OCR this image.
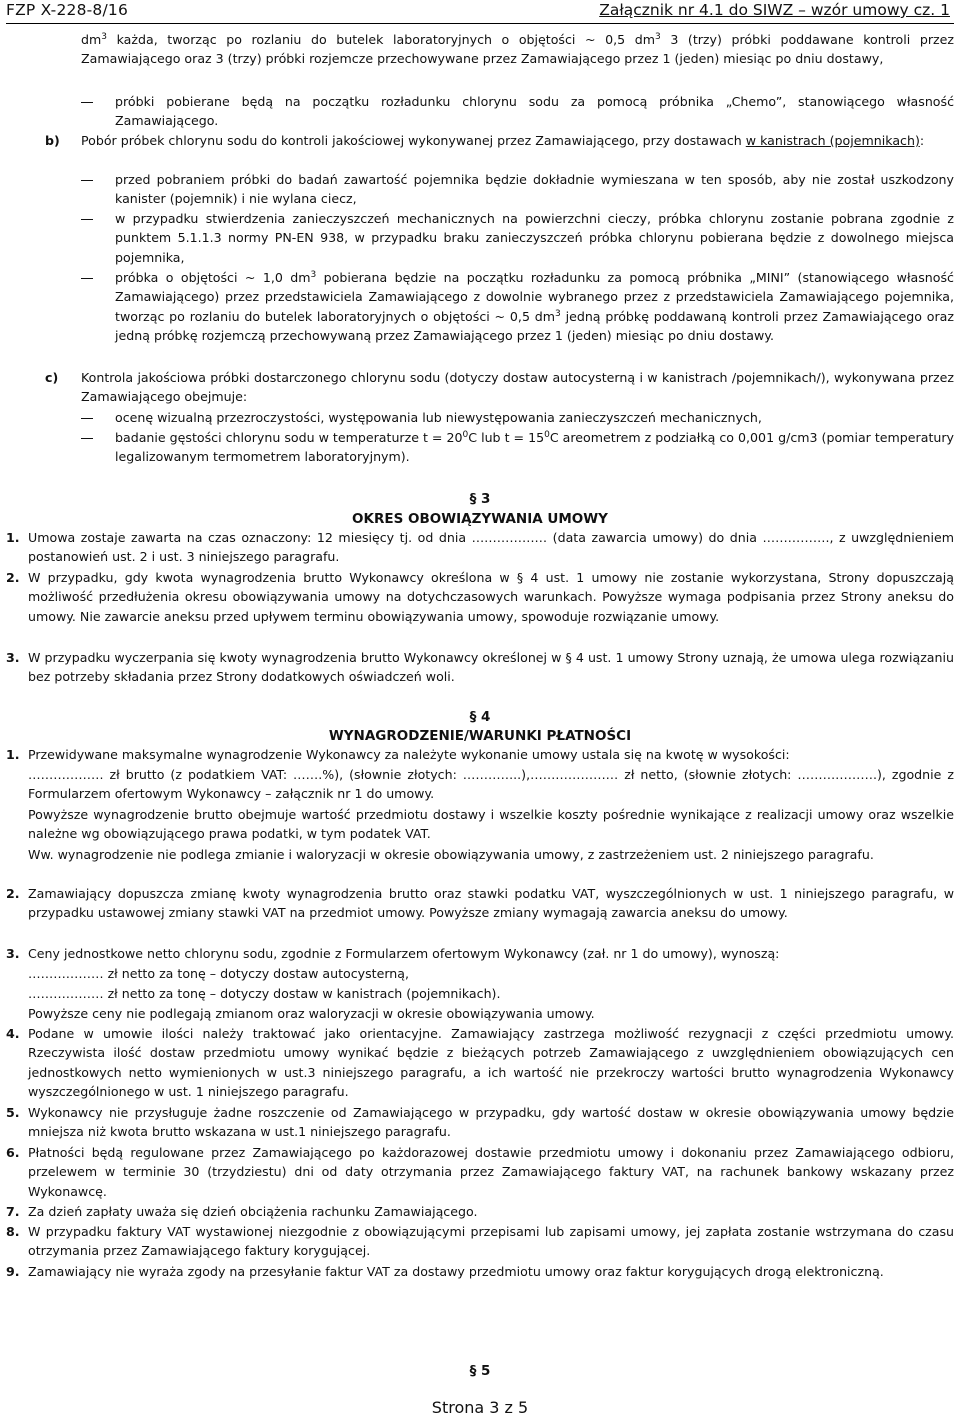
FZP X-228-8/16	Załącznik nr 4.1 do SIWZ – wzór umowy cz. 1
$dm^3$ każda, tworząc po rozlaniu do butelek laboratoryjnych o objętości ~ 0,5 $dm^3$ 3 (trzy) próbki poddawane kontroli przez Zamawiającego oraz 3 (trzy) próbki rozjemcze przechowywane przez Zamawiającego przez 1 (jeden) miesiąc po dniu dostawy,
próbki pobierane będą na początku rozładunku chlorynu sodu za pomocą próbnika „Chemo”, stanowiącego własność Zamawiającego.
b) Pobór próbek chlorynu sodu do kontroli jakościowej wykonywanej przez Zamawiającego, przy dostawach w kanistrach (pojemnikach):
przed pobraniem próbki do badań zawartość pojemnika będzie dokładnie wymieszana w ten sposób, aby nie został uszkodzony kanister (pojemnik) i nie wylana ciecz,
w przypadku stwierdzenia zanieczyszczeń mechanicznych na powierzchni cieczy, próbka chlorynu zostanie pobrana zgodnie z punktem 5.1.1.3 normy PN-EN 938, w przypadku braku zanieczyszczeń próbka chlorynu pobierana będzie z dowolnego miejsca pojemnika,
próbka o objętości ~ 1,0 $dm^3$ pobierana będzie na początku rozładunku za pomocą próbnika „MINI” (stanowiącego własność Zamawiającego) przez przedstawiciela Zamawiającego z dowolnie wybranego przez z przedstawiciela Zamawiającego pojemnika, tworząc po rozlaniu do butelek laboratoryjnych o objętości ~ 0,5 $dm^3$ jedną próbkę poddawaną kontroli przez Zamawiającego oraz jedną próbkę rozjemczą przechowywaną przez Zamawiającego przez 1 (jeden) miesiąc po dniu dostawy.
c) Kontrola jakościowa próbki dostarczonego chlorynu sodu (dotyczy dostaw autocysterną i w kanistrach /pojemnikach/), wykonywana przez Zamawiającego obejmuje:
ocenę wizualną przezroczystości, występowania lub niewystępowania zanieczyszczeń mechanicznych,
badanie gęstości chlorynu sodu w temperaturze $t = 20^0C$ lub $t = 15^0C$ areometrem z podziałką co 0,001 g/cm3 (pomiar temperatury legalizowanym termometrem laboratoryjnym).
§ 3
OKRES OBOWIĄZYWANIA UMOWY
1. Umowa zostaje zawarta na czas oznaczony: 12 miesięcy tj. od dnia ……………… (data zawarcia umowy) do dnia ……………., z uwzględnieniem postanowień ust. 2 i ust. 3 niniejszego paragrafu.
2. W przypadku, gdy kwota wynagrodzenia brutto Wykonawcy określona w § 4 ust. 1 umowy nie zostanie wykorzystana, Strony dopuszczają możliwość przedłużenia okresu obowiązywania umowy na dotychczasowych warunkach. Powyższe wymaga podpisania przez Strony aneksu do umowy. Nie zawarcie aneksu przed upływem terminu obowiązywania umowy, spowoduje rozwiązanie umowy.
3. W przypadku wyczerpania się kwoty wynagrodzenia brutto Wykonawcy określonej w § 4 ust. 1 umowy Strony uznają, że umowa ulega rozwiązaniu bez potrzeby składania przez Strony dodatkowych oświadczeń woli.
§ 4
WYNAGRODZENIE/WARUNKI PŁATNOŚCI
1. Przewidywane maksymalne wynagrodzenie Wykonawcy za należyte wykonanie umowy ustala się na kwotę w wysokości:
……………… zł brutto (z podatkiem VAT: …….%), (słownie złotych: …………..),………………… zł netto, (słownie złotych: ……………….), zgodnie z Formularzem ofertowym Wykonawcy – załącznik nr 1 do umowy.
Powyższe wynagrodzenie brutto obejmuje wartość przedmiotu dostawy i wszelkie koszty pośrednie wynikające z realizacji umowy oraz wszelkie należne wg obowiązującego prawa podatki, w tym podatek VAT.
Ww. wynagrodzenie nie podlega zmianie i waloryzacji w okresie obowiązywania umowy, z zastrzeżeniem ust. 2 niniejszego paragrafu.
2. Zamawiający dopuszcza zmianę kwoty wynagrodzenia brutto oraz stawki podatku VAT, wyszczególnionych w ust. 1 niniejszego paragrafu, w przypadku ustawowej zmiany stawki VAT na przedmiot umowy. Powyższe zmiany wymagają zawarcia aneksu do umowy.
3. Ceny jednostkowe netto chlorynu sodu, zgodnie z Formularzem ofertowym Wykonawcy (zał. nr 1 do umowy), wynoszą:
……………… zł netto za tonę – dotyczy dostaw autocysterną,
……………… zł netto za tonę – dotyczy dostaw w kanistrach (pojemnikach).
Powyższe ceny nie podlegają zmianom oraz waloryzacji w okresie obowiązywania umowy.
4. Podane w umowie ilości należy traktować jako orientacyjne. Zamawiający zastrzega możliwość rezygnacji z części przedmiotu umowy. Rzeczywista ilość dostaw przedmiotu umowy wynikać będzie z bieżących potrzeb Zamawiającego z uwzględnieniem obowiązujących cen jednostkowych netto wymienionych w ust.3 niniejszego paragrafu, a ich wartość nie przekroczy wartości brutto wynagrodzenia Wykonawcy wyszczególnionego w ust. 1 niniejszego paragrafu.
5. Wykonawcy nie przysługuje żadne roszczenie od Zamawiającego w przypadku, gdy wartość dostaw w okresie obowiązywania umowy będzie mniejsza niż kwota brutto wskazana w ust.1 niniejszego paragrafu.
6. Płatności będą regulowane przez Zamawiającego po każdorazowej dostawie przedmiotu umowy i dokonaniu przez Zamawiającego odbioru, przelewem w terminie 30 (trzydziestu) dni od daty otrzymania przez Zamawiającego faktury VAT, na rachunek bankowy wskazany przez Wykonawcę.
7. Za dzień zapłaty uważa się dzień obciążenia rachunku Zamawiającego.
8. W przypadku faktury VAT wystawionej niezgodnie z obowiązującymi przepisami lub zapisami umowy, jej zapłata zostanie wstrzymana do czasu otrzymania przez Zamawiającego faktury korygującej.
9. Zamawiający nie wyraża zgody na przesyłanie faktur VAT za dostawy przedmiotu umowy oraz faktur korygujących drogą elektroniczną.
§ 5
Strona 3 z 5
